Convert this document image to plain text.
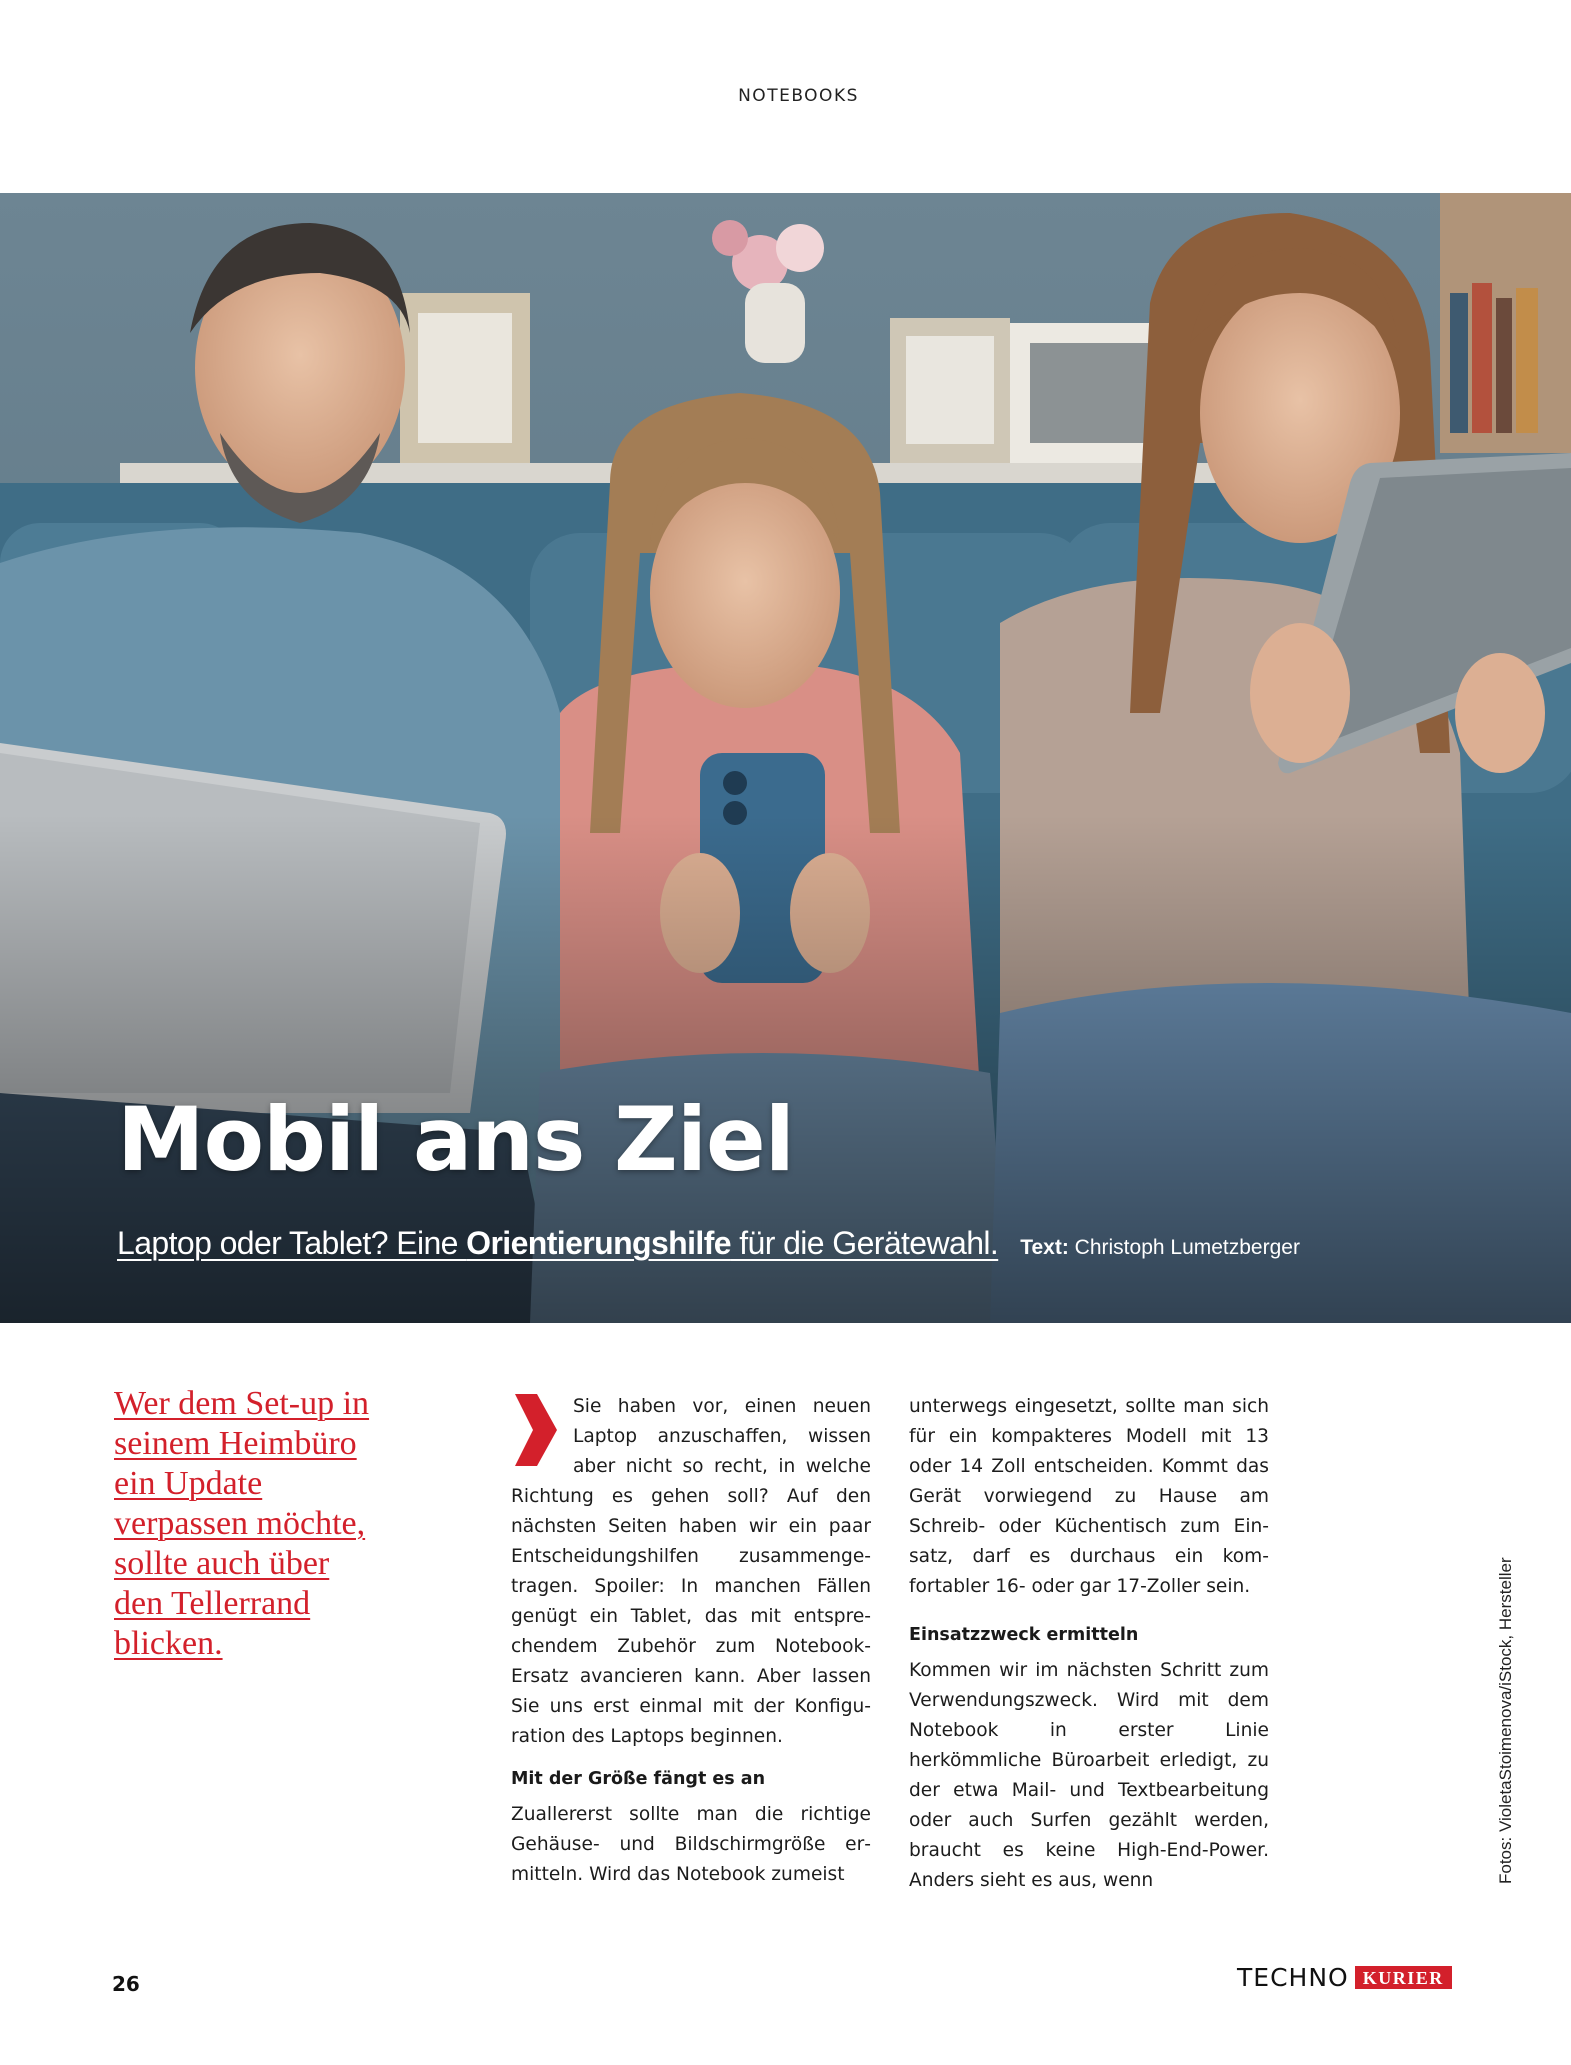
NOTEBOOKS
Mobil ans Ziel
Laptop oder Tablet? Eine Orientierungshilfe für die Gerätewahl. Text: Christoph Lumetzberger
Wer dem Set-up in
seinem Heimbüro
ein Update
verpassen möchte,
sollte auch über
den Tellerrand
blicken.

Sie haben vor, einen neuen Laptop anzuschaffen, wissen aber nicht so recht, in welche Richtung es gehen soll? Auf den nächsten Seiten haben wir ein paar Entscheidungshilfen zusammengetragen. Spoiler: In manchen Fällen genügt ein Tablet, das mit entsprechendem Zubehör zum Notebook-Ersatz avancieren kann. Aber lassen Sie uns erst einmal mit der Konfiguration des Laptops beginnen.

Mit der Größe fängt es an

Zuallererst sollte man die richtige Gehäuse- und Bildschirmgröße ermitteln. Wird das Notebook zumeist

unterwegs eingesetzt, sollte man sich für ein kompakteres Modell mit 13 oder 14 Zoll entscheiden. Kommt das Gerät vorwiegend zu Hause am Schreib- oder Küchentisch zum Einsatz, darf es durchaus ein komfortabler 16- oder gar 17-Zoller sein.

Einsatzzweck ermitteln

Kommen wir im nächsten Schritt zum Verwendungszweck. Wird mit dem Notebook in erster Linie herkömmliche Büroarbeit erledigt, zu der etwa Mail- und Textbearbeitung oder auch Surfen gezählt werden, braucht es keine High-End-Power. Anders sieht es aus, wenn	Fotos: VioletaStoimenova/iStock, Hersteller
26	TECHNO KURIER
